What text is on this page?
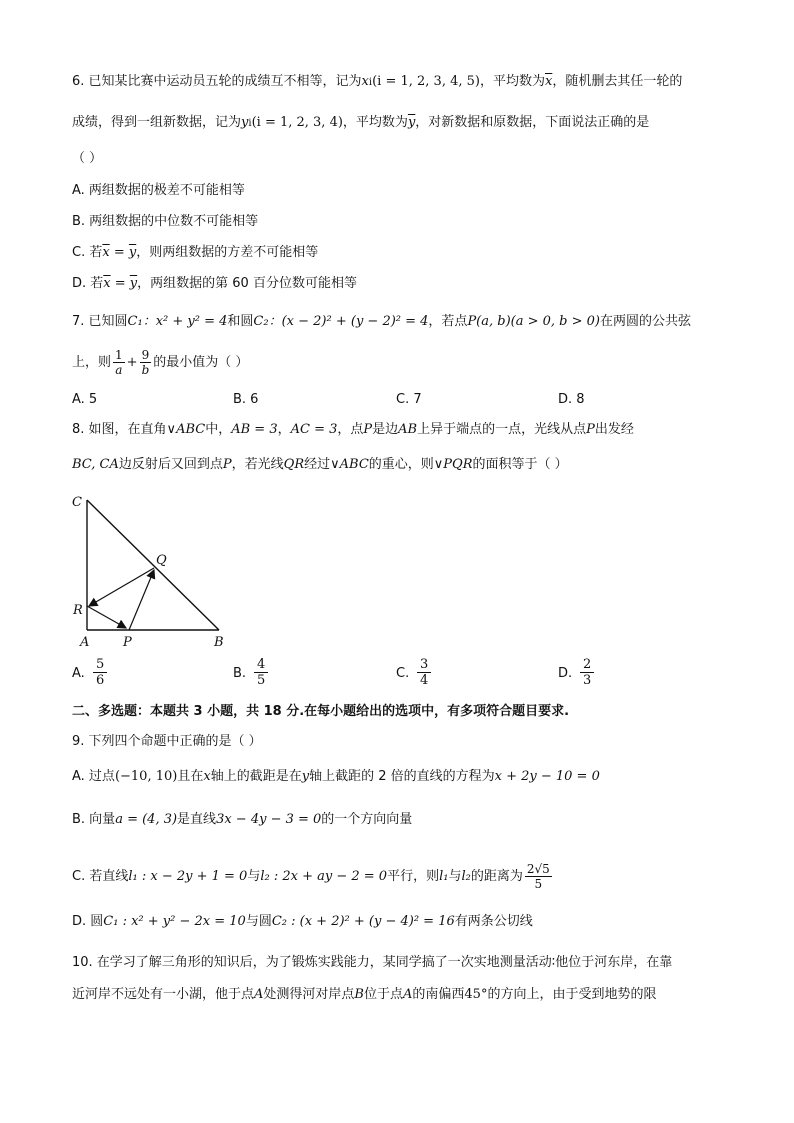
6. 已知某比赛中运动员五轮的成绩互不相等，记为xi(i = 1, 2, 3, 4, 5)，平均数为$\overline{x}$，随机删去其任一轮的
成绩，得到一组新数据，记为yi(i = 1, 2, 3, 4)，平均数为$\overline{y}$，对新数据和原数据，下面说法正确的是
（ ）
A. 两组数据的极差不可能相等
B. 两组数据的中位数不可能相等
C. 若$\overline{x} = \overline{y}$，则两组数据的方差不可能相等
D. 若$\overline{x} = \overline{y}$，两组数据的第 60 百分位数可能相等
7. 已知圆C₁：x² + y² = 4和圆C₂：(x − 2)² + (y − 2)² = 4，若点P(a, b)(a > 0, b > 0)在两圆的公共弦
上，则 $\frac{1}{a} + \frac{9}{b}$ 的最小值为（ ）
A. 5	B. 6	C. 7	D. 8
8. 如图，在直角∨ABC中，AB = 3，AC = 3，点P是边AB上异于端点的一点，光线从点P出发经
BC, CA边反射后又回到点P，若光线QR经过∨ABC的重心，则∨PQR的面积等于（ ）
C
Q
R
A	P	B
A. $\frac{5}{6}$	B. $\frac{4}{5}$	C. $\frac{3}{4}$	D. $\frac{2}{3}$
二、多选题：本题共 3 小题，共 18 分.在每小题给出的选项中，有多项符合题目要求.
9. 下列四个命题中正确的是（ ）
A. 过点(−10, 10)且在x轴上的截距是在y轴上截距的 2 倍的直线的方程为x + 2y − 10 = 0
B. 向量a = (4, 3)是直线3x − 4y − 3 = 0的一个方向向量
C. 若直线l₁ : x − 2y + 1 = 0与l₂ : 2x + ay − 2 = 0平行，则l₁与l₂的距离为 $\frac{2√5}{5}$
D. 圆C₁ : x² + y² − 2x = 10与圆C₂ : (x + 2)² + (y − 4)² = 16有两条公切线
10. 在学习了解三角形的知识后，为了锻炼实践能力，某同学搞了一次实地测量活动∶他位于河东岸，在靠
近河岸不远处有一小湖，他于点A处测得河对岸点B位于点A的南偏西45°的方向上，由于受到地势的限
